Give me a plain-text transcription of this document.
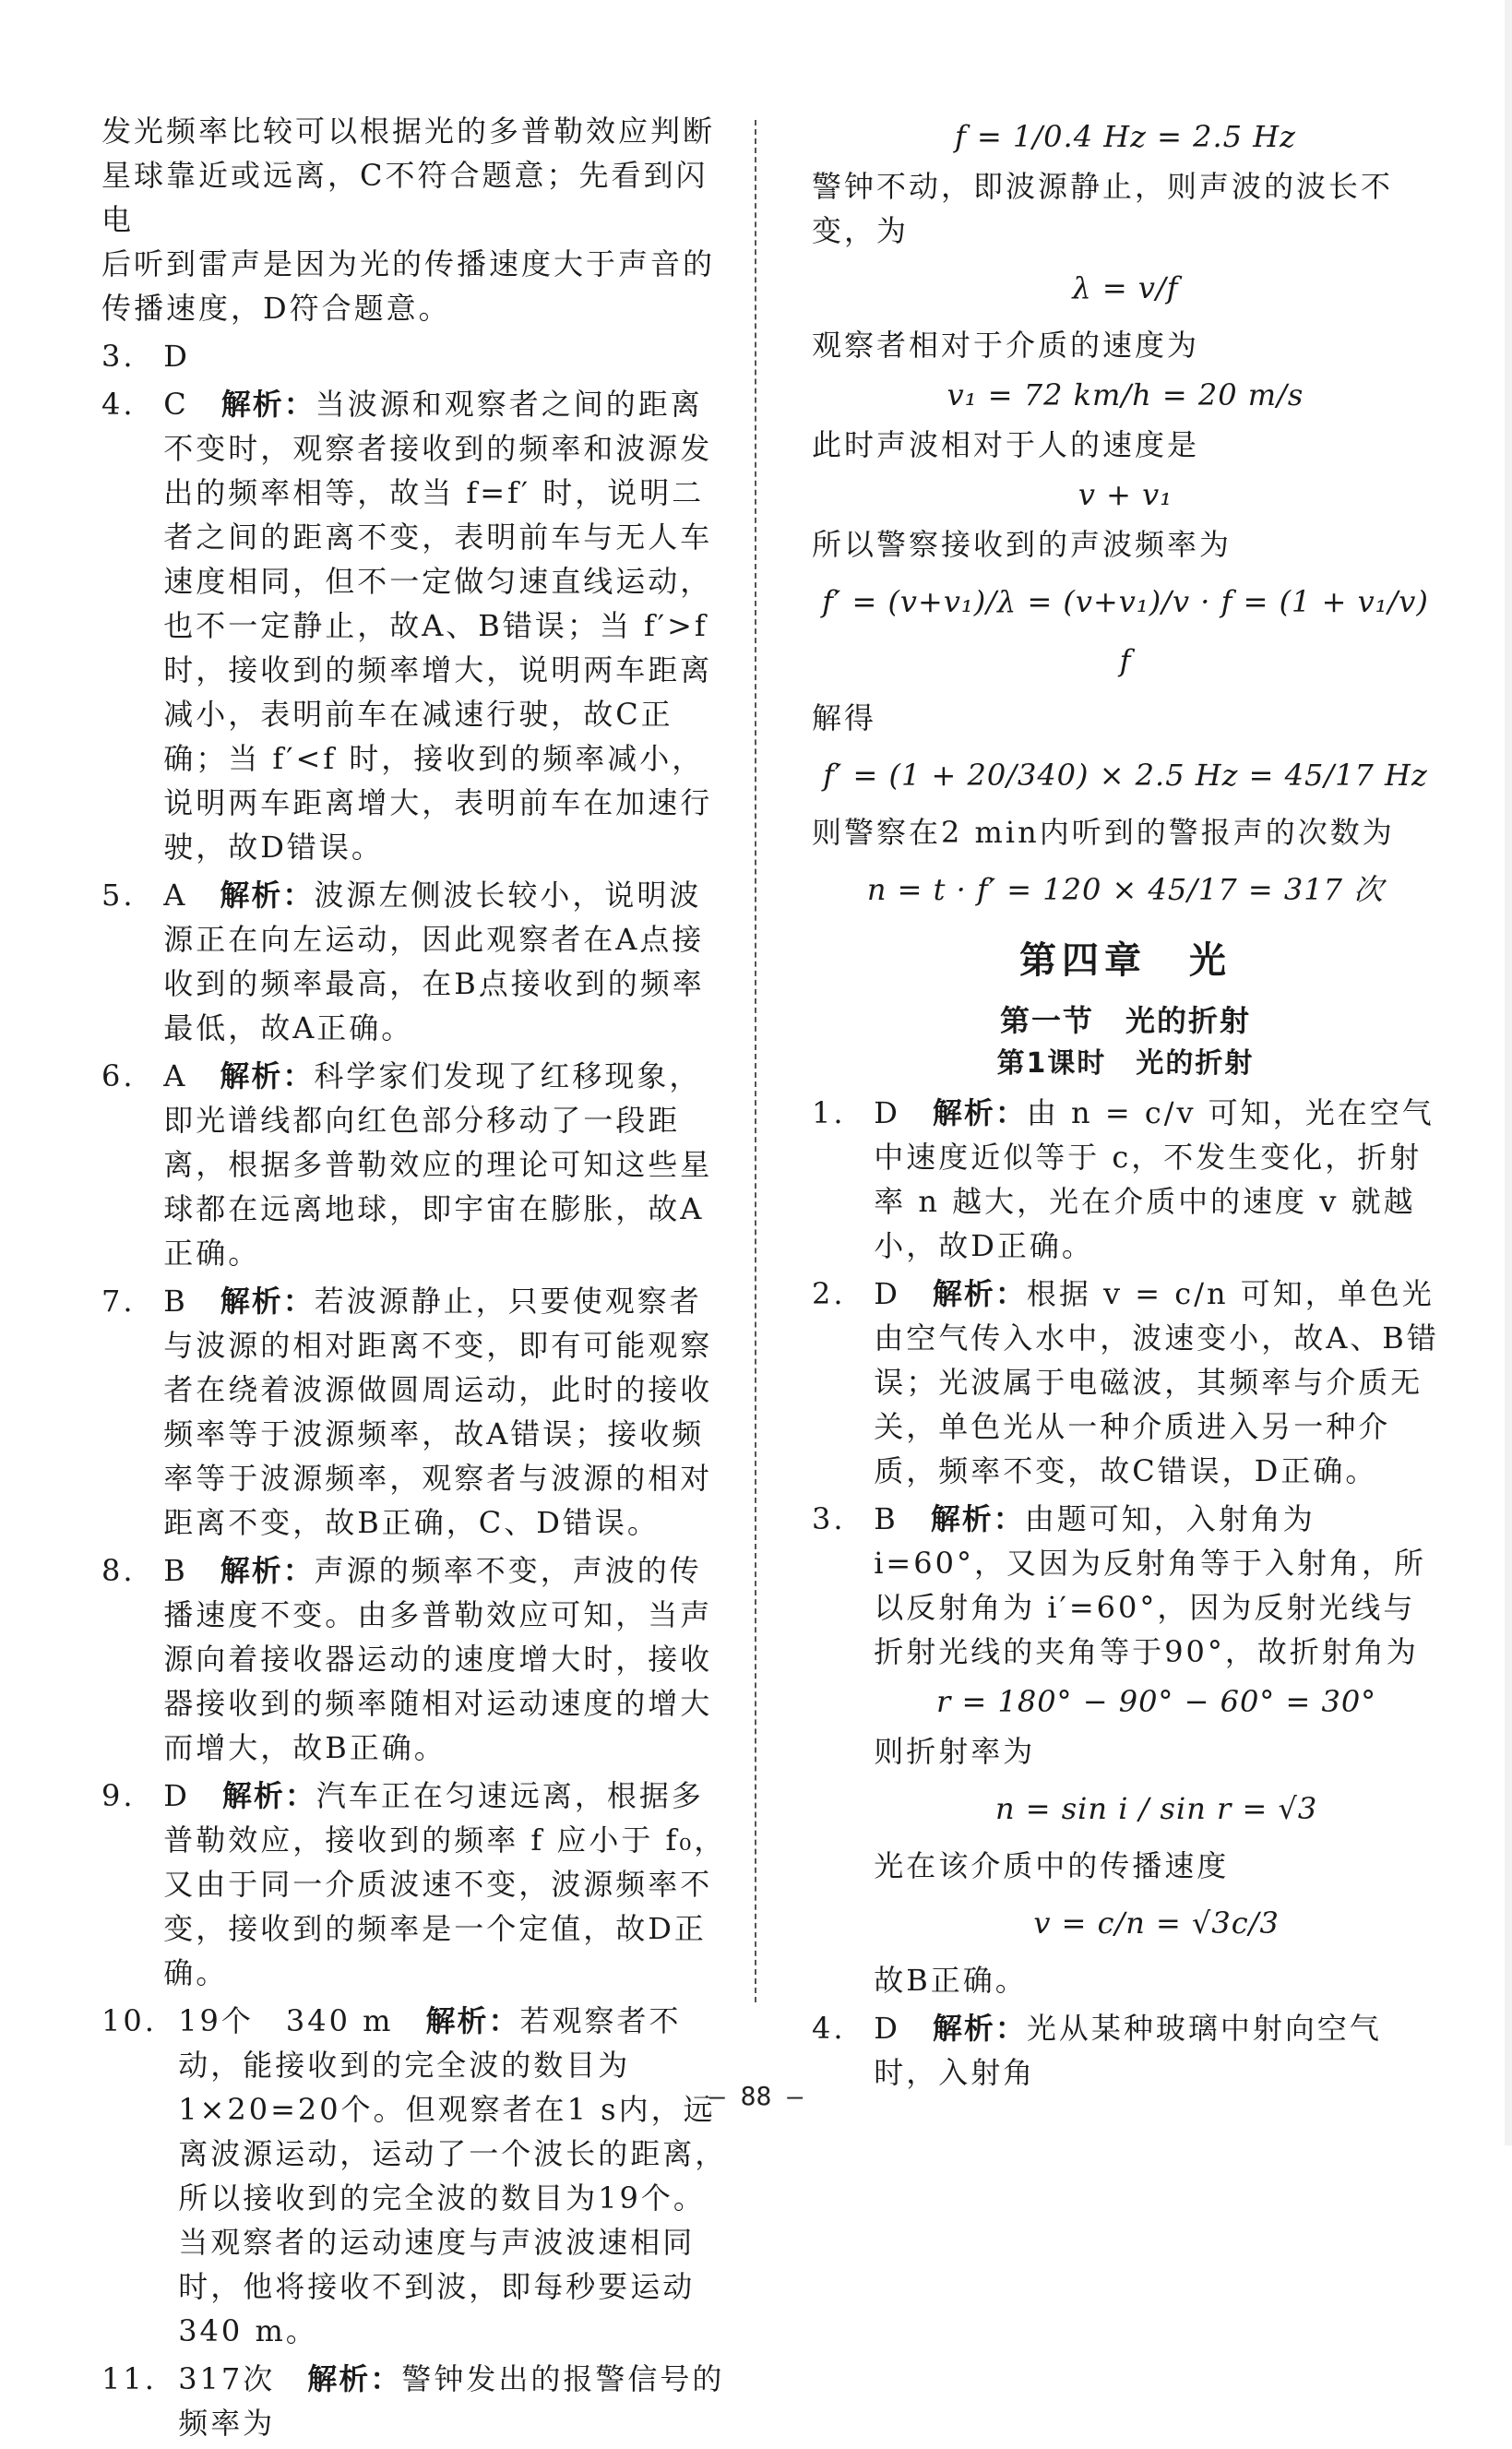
发光频率比较可以根据光的多普勒效应判断
星球靠近或远离，C不符合题意；先看到闪电
后听到雷声是因为光的传播速度大于声音的
传播速度，D符合题意。
3. D
4. C　 解析：当波源和观察者之间的距离不变时，观察者接收到的频率和波源发出的频率相等，故当 f=f′ 时，说明二者之间的距离不变，表明前车与无人车速度相同，但不一定做匀速直线运动，也不一定静止，故A、B错误；当 f′>f 时，接收到的频率增大，说明两车距离减小，表明前车在减速行驶，故C正确；当 f′<f 时，接收到的频率减小，说明两车距离增大，表明前车在加速行驶，故D错误。
5. A　 解析：波源左侧波长较小，说明波源正在向左运动，因此观察者在A点接收到的频率最高，在B点接收到的频率最低，故A正确。
6. A　 解析：科学家们发现了红移现象，即光谱线都向红色部分移动了一段距离，根据多普勒效应的理论可知这些星球都在远离地球，即宇宙在膨胀，故A正确。
7. B　 解析：若波源静止，只要使观察者与波源的相对距离不变，即有可能观察者在绕着波源做圆周运动，此时的接收频率等于波源频率，故A错误；接收频率等于波源频率，观察者与波源的相对距离不变，故B正确，C、D错误。
8. B　 解析：声源的频率不变，声波的传播速度不变。由多普勒效应可知，当声源向着接收器运动的速度增大时，接收器接收到的频率随相对运动速度的增大而增大，故B正确。
9. D　 解析：汽车正在匀速远离，根据多普勒效应，接收到的频率 f 应小于 f₀，又由于同一介质波速不变，波源频率不变，接收到的频率是一个定值，故D正确。
10. 19个　340 m　 解析：若观察者不动，能接收到的完全波的数目为1×20=20个。但观察者在1 s内，远离波源运动，运动了一个波长的距离，所以接收到的完全波的数目为19个。当观察者的运动速度与声波波速相同时，他将接收不到波，即每秒要运动340 m。
11. 317次　 解析：警钟发出的报警信号的频率为
f = 1/0.4 Hz = 2.5 Hz
警钟不动，即波源静止，则声波的波长不变，为
λ = v/f
观察者相对于介质的速度为
v₁ = 72 km/h = 20 m/s
此时声波相对于人的速度是
v + v₁
所以警察接收到的声波频率为
f′ = (v+v₁)/λ = (v+v₁)/v · f = (1 + v₁/v) f
解得
f′ = (1 + 20/340) × 2.5 Hz = 45/17 Hz
则警察在2 min内听到的警报声的次数为
n = t · f′ = 120 × 45/17 = 317 次
第四章　光
第一节　光的折射
第1课时　光的折射
1. D　 解析：由 n = c/v 可知，光在空气中速度近似等于 c，不发生变化，折射率 n 越大，光在介质中的速度 v 就越小，故D正确。
2. D　 解析：根据 v = c/n 可知，单色光由空气传入水中，波速变小，故A、B错误；光波属于电磁波，其频率与介质无关，单色光从一种介质进入另一种介质，频率不变，故C错误，D正确。
3. B　 解析：由题可知，入射角为 i=60°，又因为反射角等于入射角，所以反射角为 i′=60°，因为反射光线与折射光线的夹角等于90°，故折射角为
r = 180° − 90° − 60° = 30°
则折射率为
n = sin i / sin r = √3
光在该介质中的传播速度
v = c/n = √3c/3
故B正确。
4. D　 解析：光从某种玻璃中射向空气时，入射角
— 88 —
